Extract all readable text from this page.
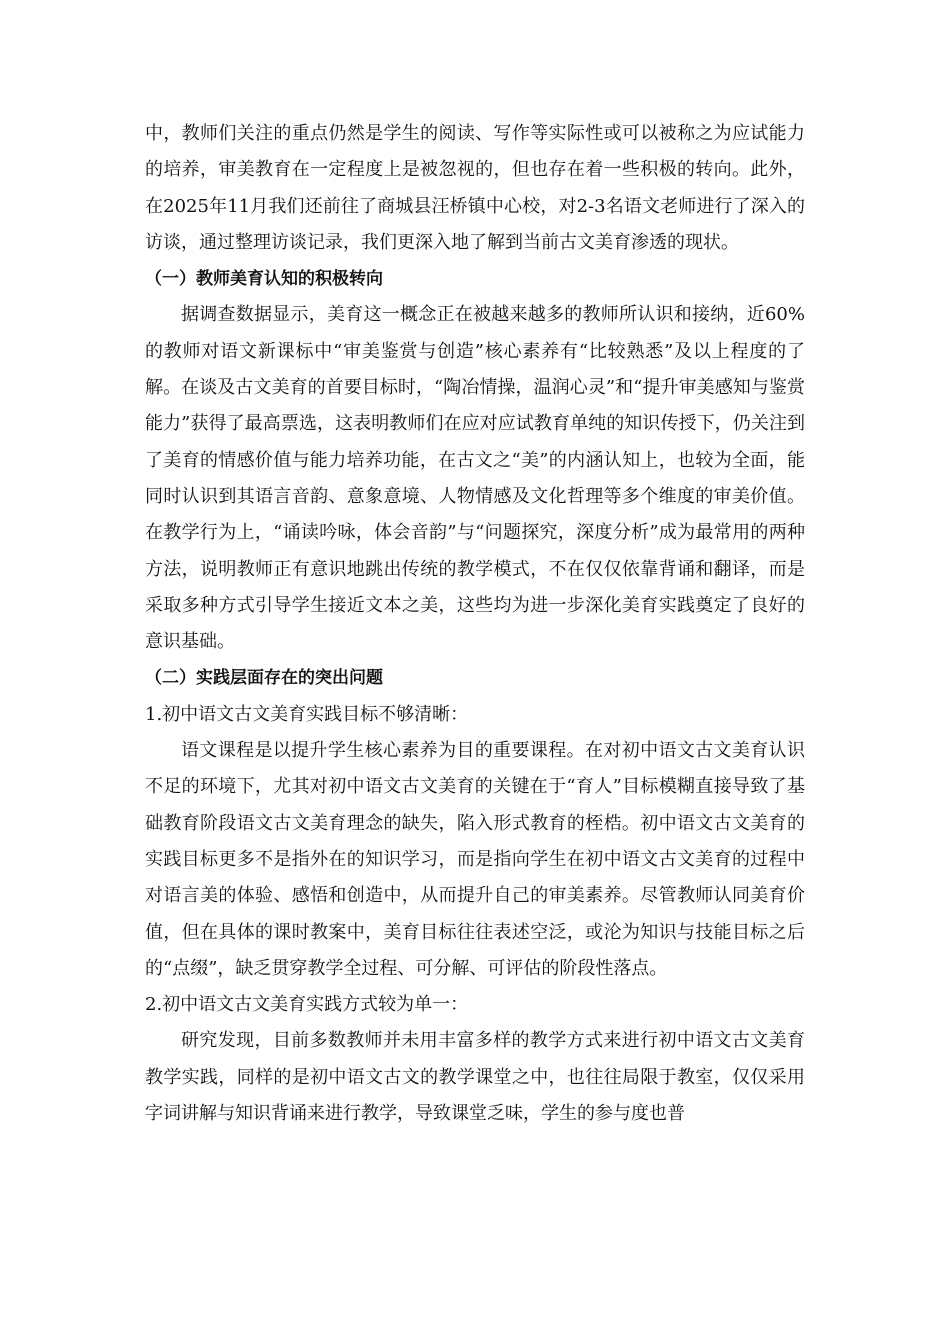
中，教师们关注的重点仍然是学生的阅读、写作等实际性或可以被称之为应试能力的培养，审美教育在一定程度上是被忽视的，但也存在着一些积极的转向。此外，在2025年11月我们还前往了商城县汪桥镇中心校，对2-3名语文老师进行了深入的访谈，通过整理访谈记录，我们更深入地了解到当前古文美育渗透的现状。

（一）教师美育认知的积极转向

据调查数据显示，美育这一概念正在被越来越多的教师所认识和接纳，近60%的教师对语文新课标中“审美鉴赏与创造”核心素养有“比较熟悉”及以上程度的了解。在谈及古文美育的首要目标时，“陶冶情操，温润心灵”和“提升审美感知与鉴赏能力”获得了最高票选，这表明教师们在应对应试教育单纯的知识传授下，仍关注到了美育的情感价值与能力培养功能，在古文之“美”的内涵认知上，也较为全面，能同时认识到其语言音韵、意象意境、人物情感及文化哲理等多个维度的审美价值。在教学行为上，“诵读吟咏，体会音韵”与“问题探究，深度分析”成为最常用的两种方法，说明教师正有意识地跳出传统的教学模式，不在仅仅依靠背诵和翻译，而是采取多种方式引导学生接近文本之美，这些均为进一步深化美育实践奠定了良好的意识基础。

（二）实践层面存在的突出问题

1.初中语文古文美育实践目标不够清晰：

语文课程是以提升学生核心素养为目的重要课程。在对初中语文古文美育认识不足的环境下，尤其对初中语文古文美育的关键在于“育人”目标模糊直接导致了基础教育阶段语文古文美育理念的缺失，陷入形式教育的桎梏。初中语文古文美育的实践目标更多不是指外在的知识学习，而是指向学生在初中语文古文美育的过程中对语言美的体验、感悟和创造中，从而提升自己的审美素养。尽管教师认同美育价值，但在具体的课时教案中，美育目标往往表述空泛，或沦为知识与技能目标之后的“点缀”，缺乏贯穿教学全过程、可分解、可评估的阶段性落点。

2.初中语文古文美育实践方式较为单一：

研究发现，目前多数教师并未用丰富多样的教学方式来进行初中语文古文美育教学实践，同样的是初中语文古文的教学课堂之中，也往往局限于教室，仅仅采用字词讲解与知识背诵来进行教学，导致课堂乏味，学生的参与度也普
